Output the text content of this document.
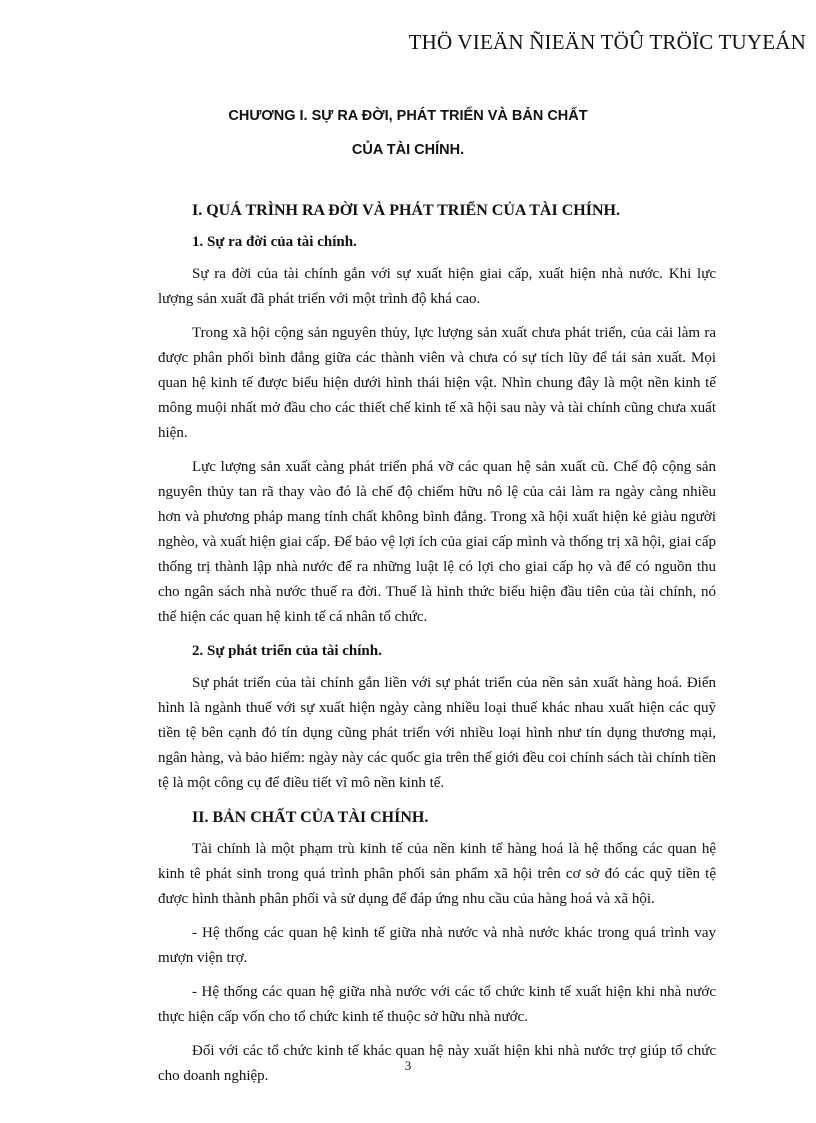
THÖ VIEÄN ÑIEÄN TÖÛ TRÖÏC TUYEÁN
CHƯƠNG I. SỰ RA ĐỜI, PHÁT TRIỂN VÀ BẢN CHẤT
CỦA TÀI CHÍNH.
I. QUÁ TRÌNH RA ĐỜI VÀ PHÁT TRIỂN CỦA TÀI CHÍNH.
1. Sự ra đời của tài chính.
Sự ra đời của tài chính gắn với sự xuất hiện giai cấp, xuất hiện nhà nước. Khi lực lượng sản xuất đã phát triển với một trình độ khá cao.
Trong xã hội cộng sản nguyên thủy, lực lượng sản xuất chưa phát triển, của cải làm ra được phân phối bình đẳng giữa các thành viên và chưa có sự tích lũy để tái sản xuất. Mọi quan hệ kinh tế được biểu hiện dưới hình thái hiện vật. Nhìn chung đây là một nền kinh tế mông muội nhất mở đầu cho các thiết chế kinh tế xã hội sau này và tài chính cũng chưa xuất hiện.
Lực lượng sản xuất càng phát triển phá vỡ các quan hệ sản xuất cũ. Chế độ cộng sản nguyên thủy tan rã thay vào đó là chế độ chiếm hữu nô lệ của cải làm ra ngày càng nhiều hơn và phương pháp mang tính chất không bình đẳng. Trong xã hội xuất hiện kẻ giàu người nghèo, và xuất hiện giai cấp. Để bảo vệ lợi ích của giai cấp mình và thống trị xã hội, giai cấp thống trị thành lập nhà nước để ra những luật lệ có lợi cho giai cấp họ và để có nguồn thu cho ngân sách nhà nước thuế ra đời. Thuế là hình thức biểu hiện đầu tiên của tài chính, nó thể hiện các quan hệ kinh tế cá nhân tổ chức.
2. Sự phát triển của tài chính.
Sự phát triển của tài chính gắn liền với sự phát triển của nền sản xuất hàng hoá. Điển hình là ngành thuế với sự xuất hiện ngày càng nhiều loại thuế khác nhau xuất hiện các quỹ tiền tệ bên cạnh đó tín dụng cũng phát triển với nhiều loại hình như tín dụng thương mại, ngân hàng, và bảo hiểm: ngày này các quốc gia trên thế giới đều coi chính sách tài chính tiền tệ là một công cụ để điều tiết vĩ mô nền kinh tế.
II. BẢN CHẤT CỦA TÀI CHÍNH.
Tài chính là một phạm trù kinh tế của nền kinh tế hàng hoá là hệ thống các quan hệ kinh tê phát sinh trong quá trình phân phối sản phẩm xã hội trên cơ sở đó các quỹ tiền tệ được hình thành phân phối và sử dụng để đáp ứng nhu cầu của hàng hoá và xã hội.
- Hệ thống các quan hệ kinh tế giữa nhà nước và nhà nước khác trong quá trình vay mượn viện trợ.
- Hệ thống các quan hệ giữa nhà nước với các tổ chức kinh tế xuất hiện khi nhà nước thực hiện cấp vốn cho tổ chức kinh tế thuộc sở hữu nhà nước.
Đối với các tổ chức kinh tế khác quan hệ này xuất hiện khi nhà nước trợ giúp tổ chức cho doanh nghiệp.
3
